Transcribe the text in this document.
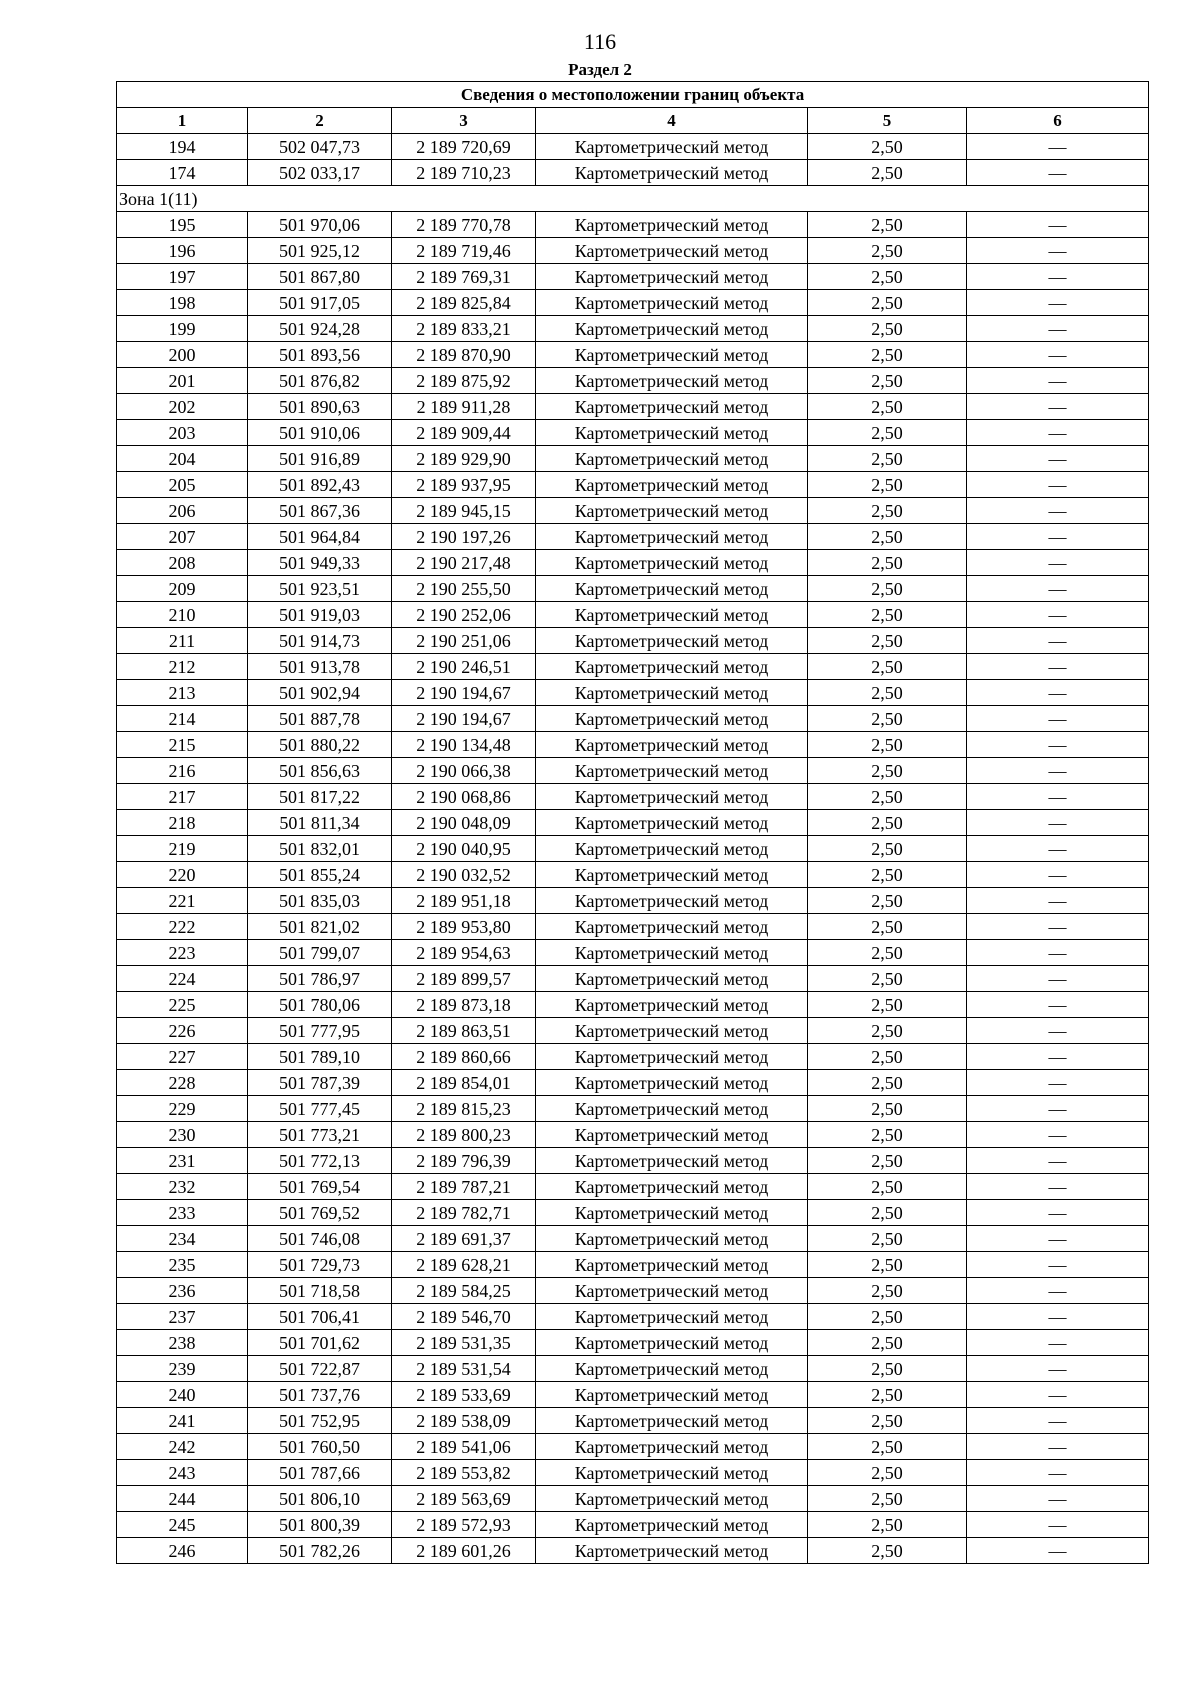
116
Раздел 2
Сведения о местоположении границ объекта					
1	2	3	4	5	6
194	502 047,73	2 189 720,69	Картометрический метод	2,50	—
174	502 033,17	2 189 710,23	Картометрический метод	2,50	—
Зона 1(11)					
195	501 970,06	2 189 770,78	Картометрический метод	2,50	—
196	501 925,12	2 189 719,46	Картометрический метод	2,50	—
197	501 867,80	2 189 769,31	Картометрический метод	2,50	—
198	501 917,05	2 189 825,84	Картометрический метод	2,50	—
199	501 924,28	2 189 833,21	Картометрический метод	2,50	—
200	501 893,56	2 189 870,90	Картометрический метод	2,50	—
201	501 876,82	2 189 875,92	Картометрический метод	2,50	—
202	501 890,63	2 189 911,28	Картометрический метод	2,50	—
203	501 910,06	2 189 909,44	Картометрический метод	2,50	—
204	501 916,89	2 189 929,90	Картометрический метод	2,50	—
205	501 892,43	2 189 937,95	Картометрический метод	2,50	—
206	501 867,36	2 189 945,15	Картометрический метод	2,50	—
207	501 964,84	2 190 197,26	Картометрический метод	2,50	—
208	501 949,33	2 190 217,48	Картометрический метод	2,50	—
209	501 923,51	2 190 255,50	Картометрический метод	2,50	—
210	501 919,03	2 190 252,06	Картометрический метод	2,50	—
211	501 914,73	2 190 251,06	Картометрический метод	2,50	—
212	501 913,78	2 190 246,51	Картометрический метод	2,50	—
213	501 902,94	2 190 194,67	Картометрический метод	2,50	—
214	501 887,78	2 190 194,67	Картометрический метод	2,50	—
215	501 880,22	2 190 134,48	Картометрический метод	2,50	—
216	501 856,63	2 190 066,38	Картометрический метод	2,50	—
217	501 817,22	2 190 068,86	Картометрический метод	2,50	—
218	501 811,34	2 190 048,09	Картометрический метод	2,50	—
219	501 832,01	2 190 040,95	Картометрический метод	2,50	—
220	501 855,24	2 190 032,52	Картометрический метод	2,50	—
221	501 835,03	2 189 951,18	Картометрический метод	2,50	—
222	501 821,02	2 189 953,80	Картометрический метод	2,50	—
223	501 799,07	2 189 954,63	Картометрический метод	2,50	—
224	501 786,97	2 189 899,57	Картометрический метод	2,50	—
225	501 780,06	2 189 873,18	Картометрический метод	2,50	—
226	501 777,95	2 189 863,51	Картометрический метод	2,50	—
227	501 789,10	2 189 860,66	Картометрический метод	2,50	—
228	501 787,39	2 189 854,01	Картометрический метод	2,50	—
229	501 777,45	2 189 815,23	Картометрический метод	2,50	—
230	501 773,21	2 189 800,23	Картометрический метод	2,50	—
231	501 772,13	2 189 796,39	Картометрический метод	2,50	—
232	501 769,54	2 189 787,21	Картометрический метод	2,50	—
233	501 769,52	2 189 782,71	Картометрический метод	2,50	—
234	501 746,08	2 189 691,37	Картометрический метод	2,50	—
235	501 729,73	2 189 628,21	Картометрический метод	2,50	—
236	501 718,58	2 189 584,25	Картометрический метод	2,50	—
237	501 706,41	2 189 546,70	Картометрический метод	2,50	—
238	501 701,62	2 189 531,35	Картометрический метод	2,50	—
239	501 722,87	2 189 531,54	Картометрический метод	2,50	—
240	501 737,76	2 189 533,69	Картометрический метод	2,50	—
241	501 752,95	2 189 538,09	Картометрический метод	2,50	—
242	501 760,50	2 189 541,06	Картометрический метод	2,50	—
243	501 787,66	2 189 553,82	Картометрический метод	2,50	—
244	501 806,10	2 189 563,69	Картометрический метод	2,50	—
245	501 800,39	2 189 572,93	Картометрический метод	2,50	—
246	501 782,26	2 189 601,26	Картометрический метод	2,50	—
